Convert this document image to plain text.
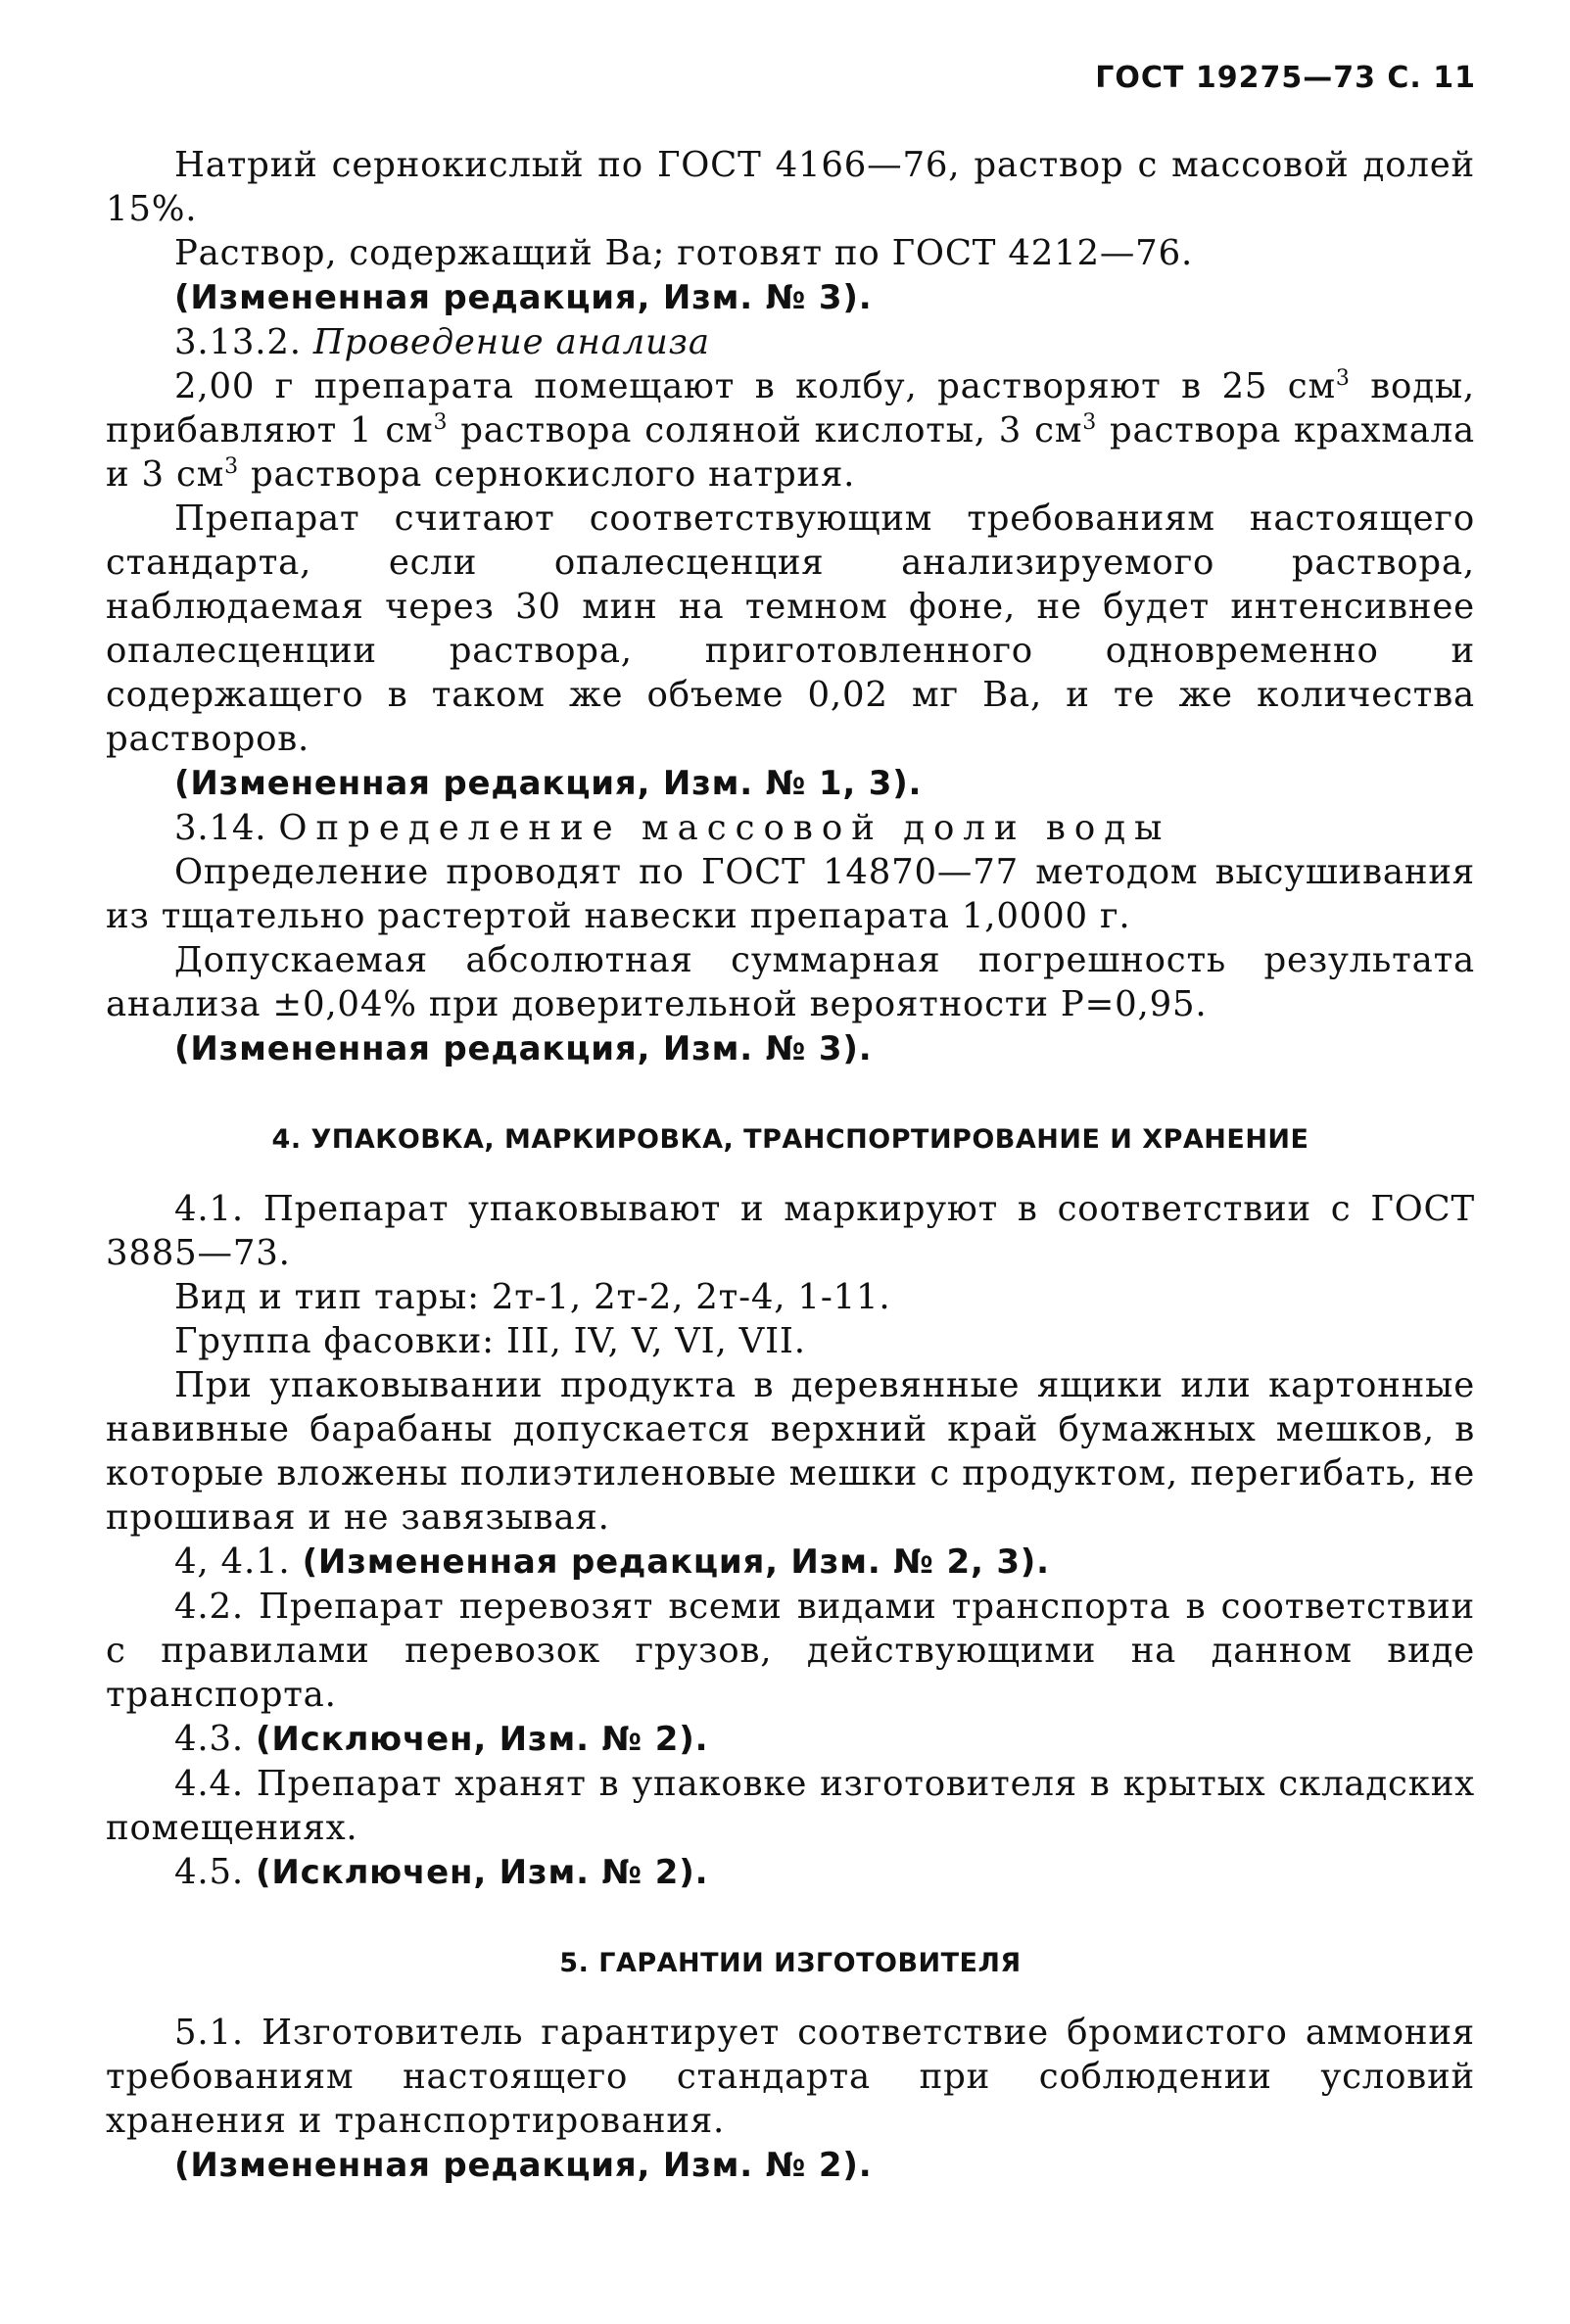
ГОСТ 19275—73 С. 11

Натрий сернокислый по ГОСТ 4166—76, раствор с массовой долей 15%.

Раствор, содержащий Ва; готовят по ГОСТ 4212—76.

(Измененная редакция, Изм. № 3).

3.13.2. Проведение анализа

2,00 г препарата помещают в колбу, растворяют в 25 $см^3$ воды, прибавляют 1 $см^3$ раствора соляной кислоты, 3 $см^3$ раствора крахмала и 3 $см^3$ раствора сернокислого натрия.

Препарат считают соответствующим требованиям настоящего стандарта, если опалесценция анализируемого раствора, наблюдаемая через 30 мин на темном фоне, не будет интенсивнее опалесценции раствора, приготовленного одновременно и содержащего в таком же объеме 0,02 мг Ва, и те же количества растворов.

(Измененная редакция, Изм. № 1, 3).

3.14. Определение массовой доли воды

Определение проводят по ГОСТ 14870—77 методом высушивания из тщательно растертой навески препарата 1,0000 г.

Допускаемая абсолютная суммарная погрешность результата анализа ±0,04% при доверительной вероятности Р=0,95.

(Измененная редакция, Изм. № 3).

4. УПАКОВКА, МАРКИРОВКА, ТРАНСПОРТИРОВАНИЕ И ХРАНЕНИЕ

4.1. Препарат упаковывают и маркируют в соответствии с ГОСТ 3885—73.

Вид и тип тары: 2т-1, 2т-2, 2т-4, 1-11.

Группа фасовки: III, IV, V, VI, VII.

При упаковывании продукта в деревянные ящики или картонные навивные барабаны допускается верхний край бумажных мешков, в которые вложены полиэтиленовые мешки с продуктом, перегибать, не прошивая и не завязывая.

4, 4.1. (Измененная редакция, Изм. № 2, 3).

4.2. Препарат перевозят всеми видами транспорта в соответствии с правилами перевозок грузов, действующими на данном виде транспорта.

4.3. (Исключен, Изм. № 2).

4.4. Препарат хранят в упаковке изготовителя в крытых складских помещениях.

4.5. (Исключен, Изм. № 2).

5. ГАРАНТИИ ИЗГОТОВИТЕЛЯ

5.1. Изготовитель гарантирует соответствие бромистого аммония требованиям настоящего стандарта при соблюдении условий хранения и транспортирования.

(Измененная редакция, Изм. № 2).
